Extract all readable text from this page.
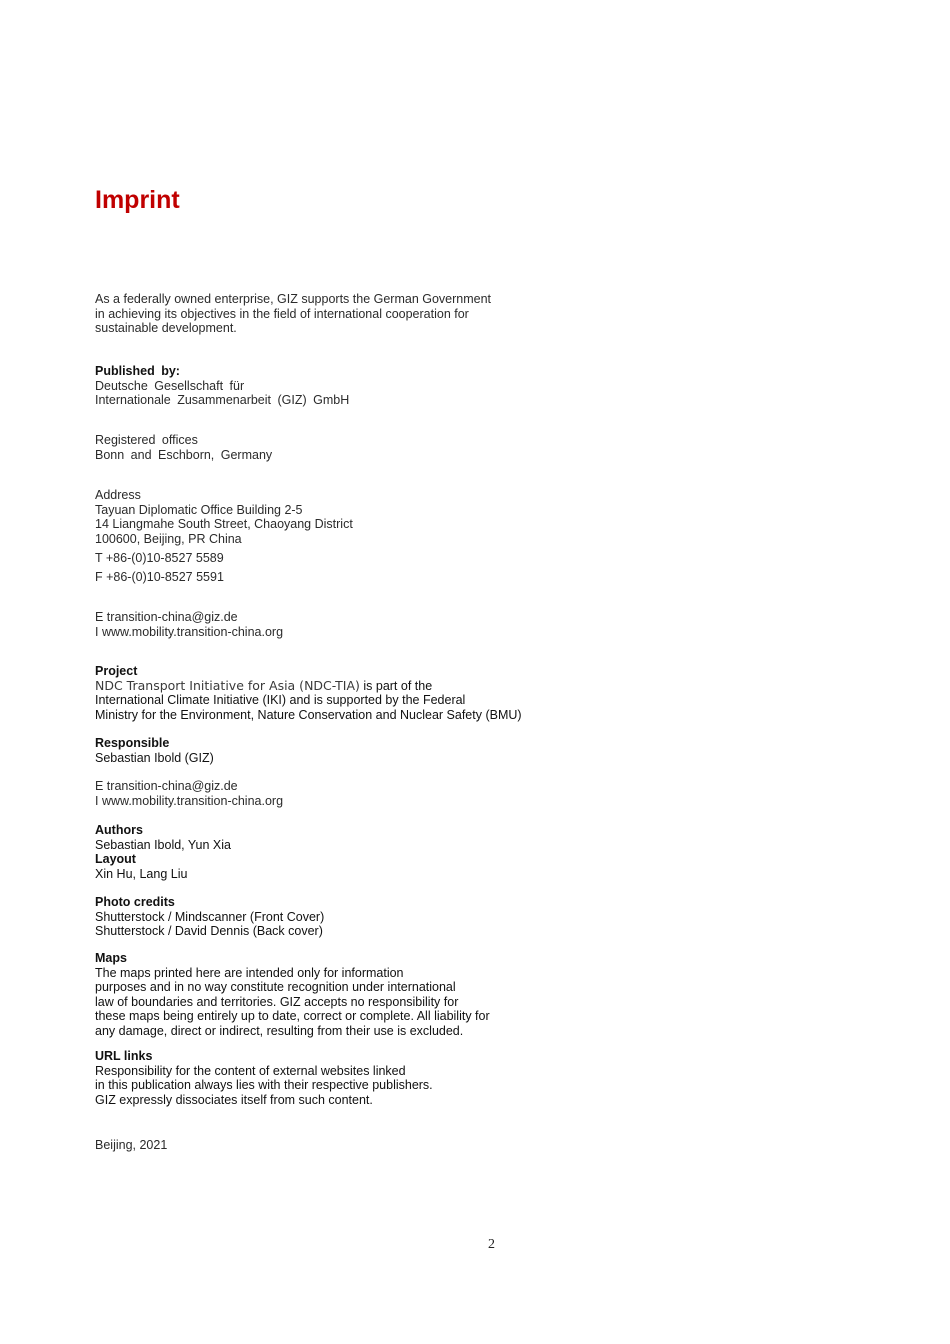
Imprint
As a federally owned enterprise, GIZ supports the German Government
in achieving its objectives in the field of international cooperation for
sustainable development.
Published by:
Deutsche Gesellschaft für
Internationale Zusammenarbeit (GIZ) GmbH
Registered offices
Bonn and Eschborn, Germany
Address
Tayuan Diplomatic Office Building 2-5
14 Liangmahe South Street, Chaoyang District
100600, Beijing, PR China
T +86-(0)10-8527 5589
F +86-(0)10-8527 5591
E transition-china@giz.de
I www.mobility.transition-china.org
Project
NDC Transport Initiative for Asia (NDC-TIA) is part of the
International Climate Initiative (IKI) and is supported by the Federal
Ministry for the Environment, Nature Conservation and Nuclear Safety (BMU)
Responsible
Sebastian Ibold (GIZ)
E transition-china@giz.de
I www.mobility.transition-china.org
Authors
Sebastian Ibold, Yun Xia
Layout
Xin Hu, Lang Liu
Photo credits
Shutterstock / Mindscanner (Front Cover)
Shutterstock / David Dennis (Back cover)
Maps
The maps printed here are intended only for information
purposes and in no way constitute recognition under international
law of boundaries and territories. GIZ accepts no responsibility for
these maps being entirely up to date, correct or complete. All liability for
any damage, direct or indirect, resulting from their use is excluded.
URL links
Responsibility for the content of external websites linked
in this publication always lies with their respective publishers.
GIZ expressly dissociates itself from such content.
Beijing, 2021
2
